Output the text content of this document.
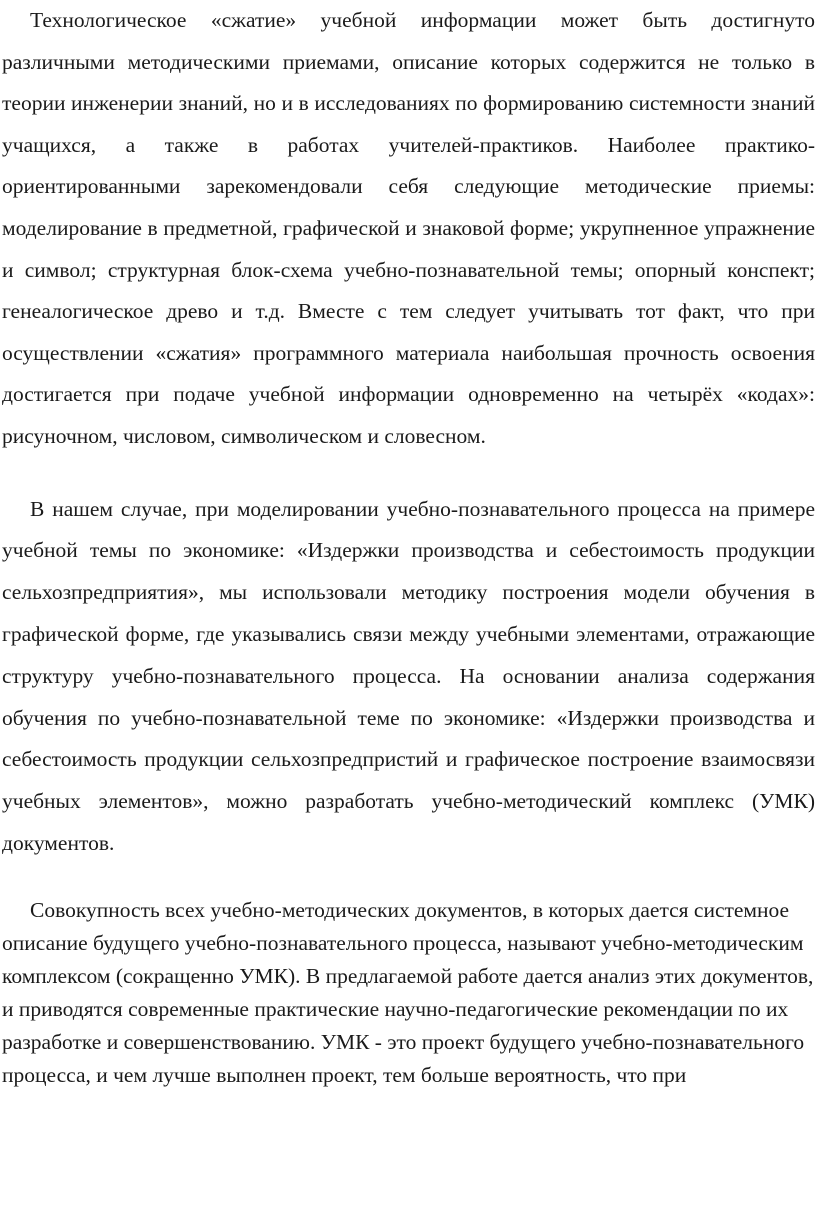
Технологическое «сжатие» учебной информации может быть достигнуто различными методическими приемами, описание которых содержится не только в теории инженерии знаний, но и в исследованиях по формированию системности знаний учащихся, а также в работах учителей-практиков. Наиболее практико-ориентированными зарекомендовали себя следующие методические приемы: моделирование в предметной, графической и знаковой форме; укрупненное упражнение и символ; структурная блок-схема учебно-познавательной темы; опорный конспект; генеалогическое древо и т.д. Вместе с тем следует учитывать тот факт, что при осуществлении «сжатия» программного материала наибольшая прочность освоения достигается при подаче учебной информации одновременно на четырёх «кодах»: рисуночном, числовом, символическом и словесном.

В нашем случае, при моделировании учебно-познавательного процесса на примере учебной темы по экономике: «Издержки производства и себестоимость продукции сельхозпредприятия», мы использовали методику построения модели обучения в графической форме, где указывались связи между учебными элементами, отражающие структуру учебно-познавательного процесса. На основании анализа содержания обучения по учебно-познавательной теме по экономике: «Издержки производства и себестоимость продукции сельхозпредпристий и графическое построение взаимосвязи учебных элементов», можно разработать учебно-методический комплекс (УМК) документов.

Совокупность всех учебно-методических документов, в которых дается системное описание будущего учебно-познавательного процесса, называют учебно-методическим комплексом (сокращенно УМК). В предлагаемой работе дается анализ этих документов, и приводятся современные практические научно-педагогические рекомендации по их разработке и совершенствованию. УМК - это проект будущего учебно-познавательного процесса, и чем лучше выполнен проект, тем больше вероятность, что при
